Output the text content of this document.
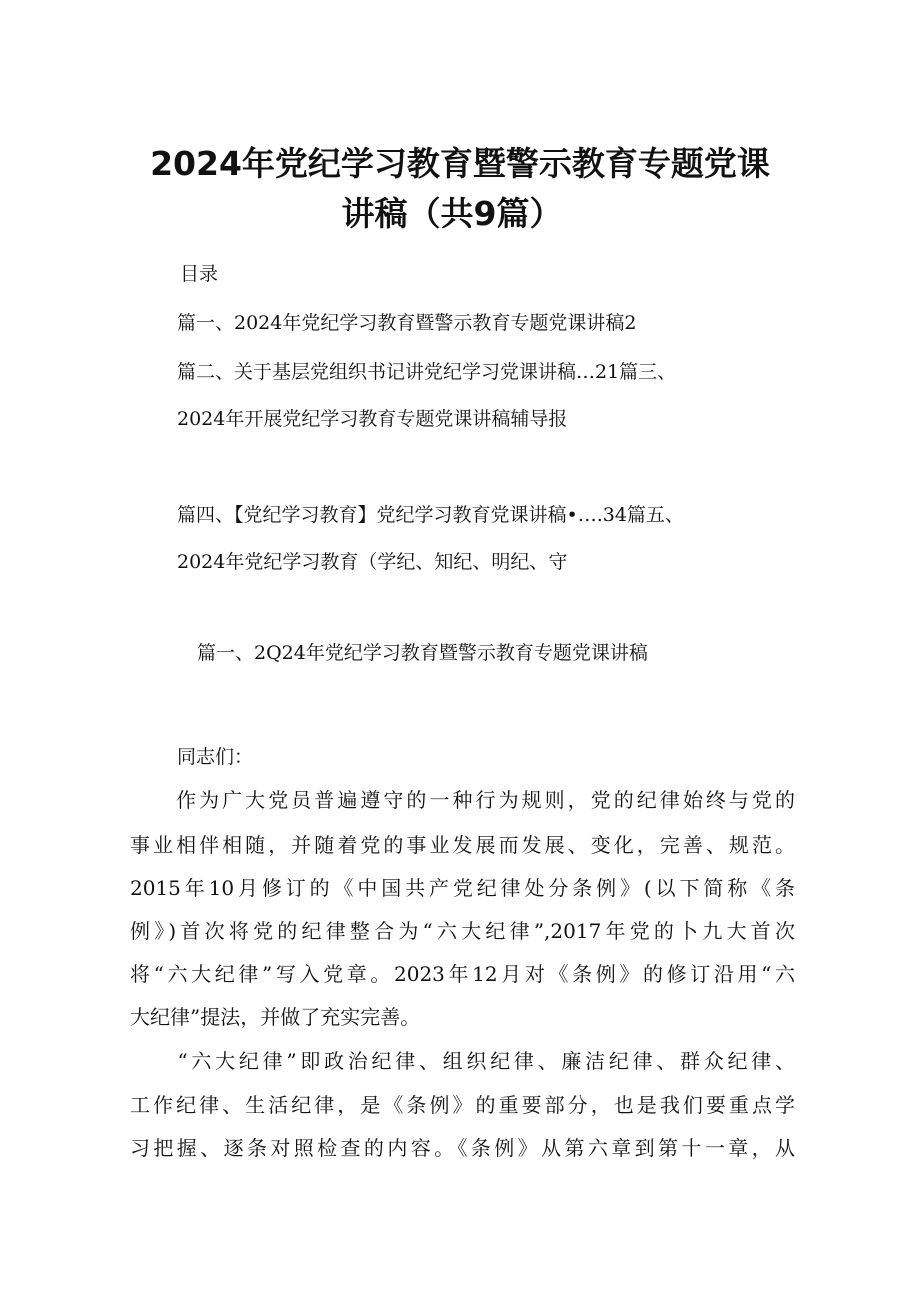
2024年党纪学习教育暨警示教育专题党课
讲稿（共9篇）
目录
篇一、2024年党纪学习教育暨警示教育专题党课讲稿2
篇二、关于基层党组织书记讲党纪学习党课讲稿…21篇三、
2024年开展党纪学习教育专题党课讲稿辅导报
篇四、【党纪学习教育】党纪学习教育党课讲稿•….34篇五、
2024年党纪学习教育（学纪、知纪、明纪、守
篇一、2Q24年党纪学习教育暨警示教育专题党课讲稿
同志们：
　　作为广大党员普遍遵守的一种行为规则，党的纪律始终与党的
事业相伴相随，并随着党的事业发展而发展、变化，完善、规范。
2015年10月修订的《中国共产党纪律处分条例》(以下简称《条
例》)首次将党的纪律整合为“六大纪律”,2017年党的卜九大首次
将“六大纪律”写入党章。2023年12月对《条例》的修订沿用“六
大纪律”提法，并做了充实完善。
　　“六大纪律”即政治纪律、组织纪律、廉洁纪律、群众纪律、
工作纪律、生活纪律，是《条例》的重要部分，也是我们要重点学
习把握、逐条对照检查的内容。《条例》从第六章到第十一章，从
